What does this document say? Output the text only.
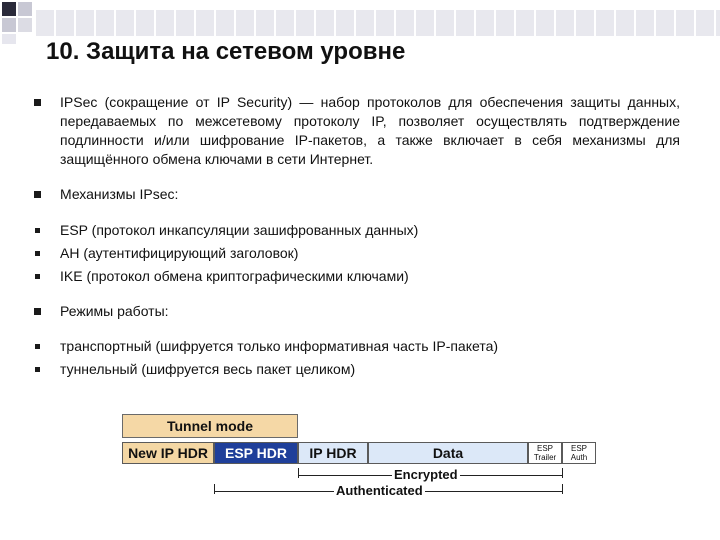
10. Защита на сетевом уровне

IPSec (сокращение от IP Security) — набор протоколов для обеспечения защиты данных, передаваемых по межсетевому протоколу IP, позволяет осуществлять подтверждение подлинности и/или шифрование IP-пакетов, а также включает в себя механизмы для защищённого обмена ключами в сети Интернет.

Механизмы IPsec:

ESP (протокол инкапсуляции зашифрованных данных)

AH (аутентифицирующий заголовок)

IKE (протокол обмена криптографическими ключами)

Режимы работы:

транспортный (шифруется только информативная часть IP-пакета)

туннельный (шифруется весь пакет целиком)

Tunnel mode
New IP HDR	ESP HDR	IP HDR	Data	ESP
Trailer
ESP
Auth
Encrypted
Authenticated
